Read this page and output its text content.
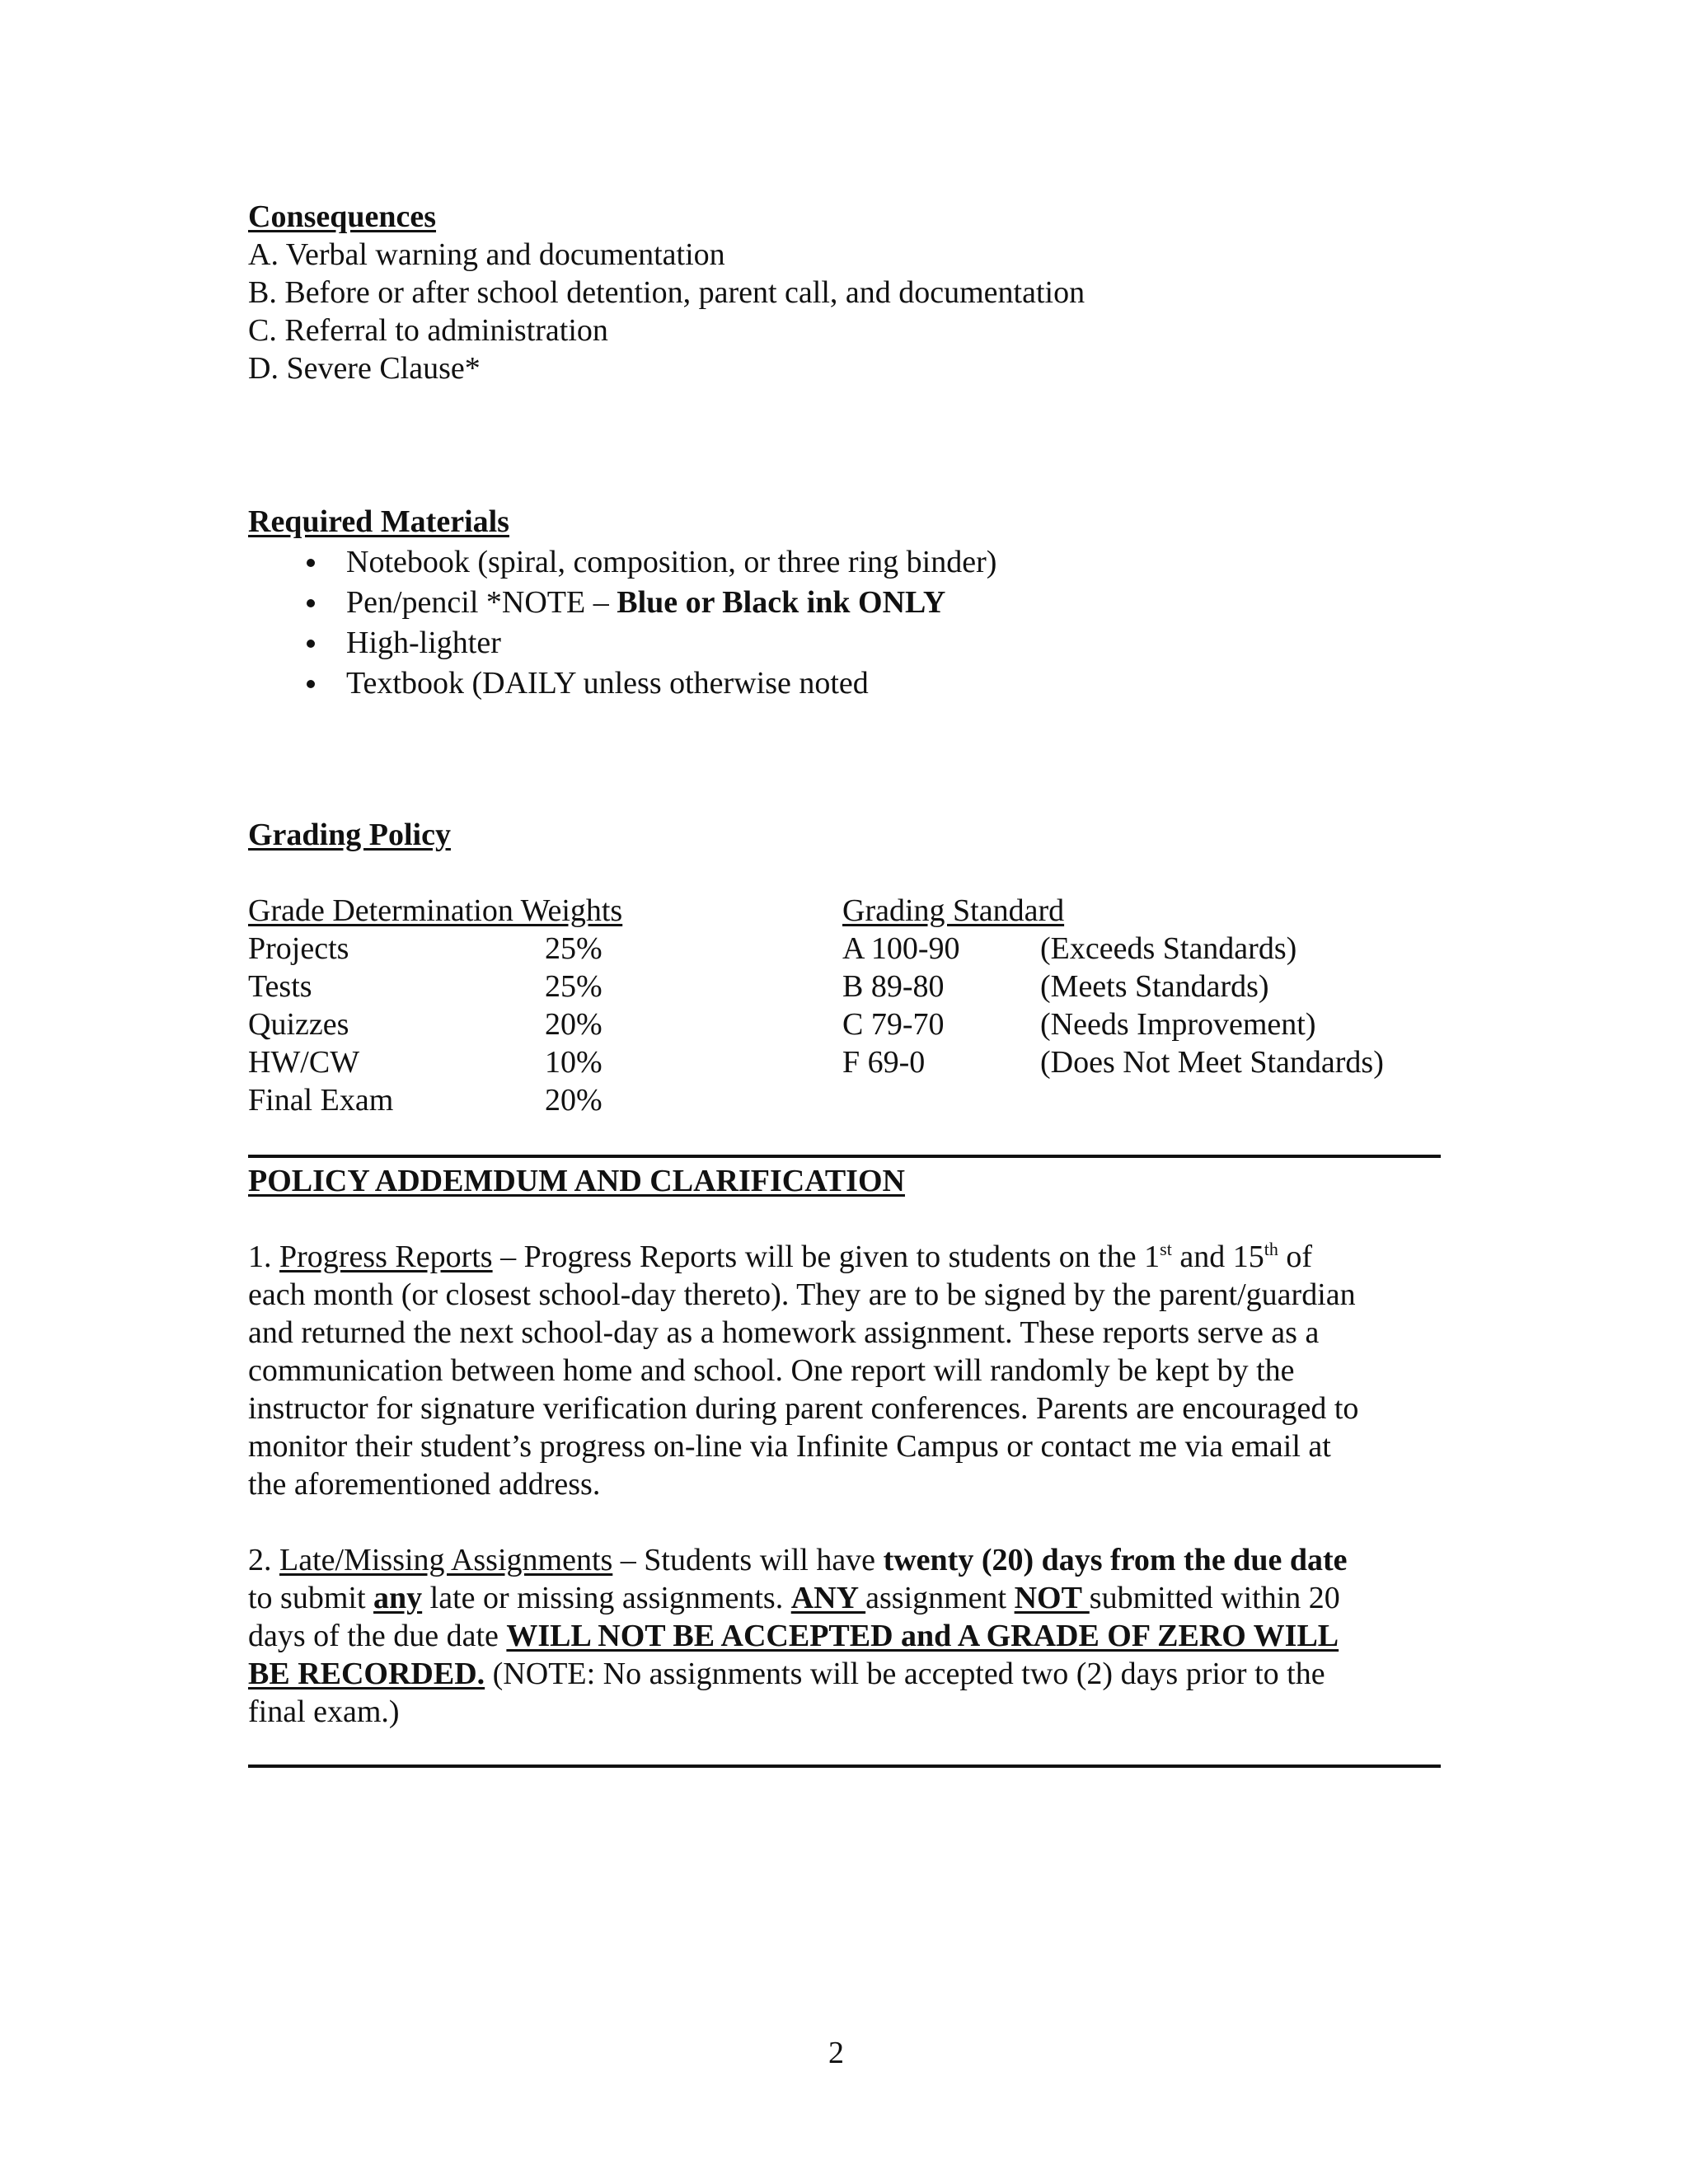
Consequences
A. Verbal warning and documentation
B. Before or after school detention, parent call, and documentation
C. Referral to administration
D. Severe Clause*
Required Materials
Notebook (spiral, composition, or three ring binder)
Pen/pencil *NOTE – Blue or Black ink ONLY
High-lighter
Textbook (DAILY unless otherwise noted
Grading Policy
Grade Determination Weights
Projects	25%
Tests	25%
Quizzes	20%
HW/CW	10%
Final Exam	20%
Grading Standard
A 100-90	(Exceeds Standards)
B 89-80	(Meets Standards)
C 79-70	(Needs Improvement)
F 69-0	(Does Not Meet Standards)
POLICY ADDEMDUM AND CLARIFICATION
1. Progress Reports – Progress Reports will be given to students on the 1st and 15th of
each month (or closest school-day thereto). They are to be signed by the parent/guardian
and returned the next school-day as a homework assignment. These reports serve as a
communication between home and school. One report will randomly be kept by the
instructor for signature verification during parent conferences. Parents are encouraged to
monitor their student’s progress on-line via Infinite Campus or contact me via email at
the aforementioned address.
2. Late/Missing Assignments – Students will have twenty (20) days from the due date
to submit any late or missing assignments. ANY assignment NOT submitted within 20
days of the due date WILL NOT BE ACCEPTED and A GRADE OF ZERO WILL
BE RECORDED. (NOTE: No assignments will be accepted two (2) days prior to the
final exam.)
2
